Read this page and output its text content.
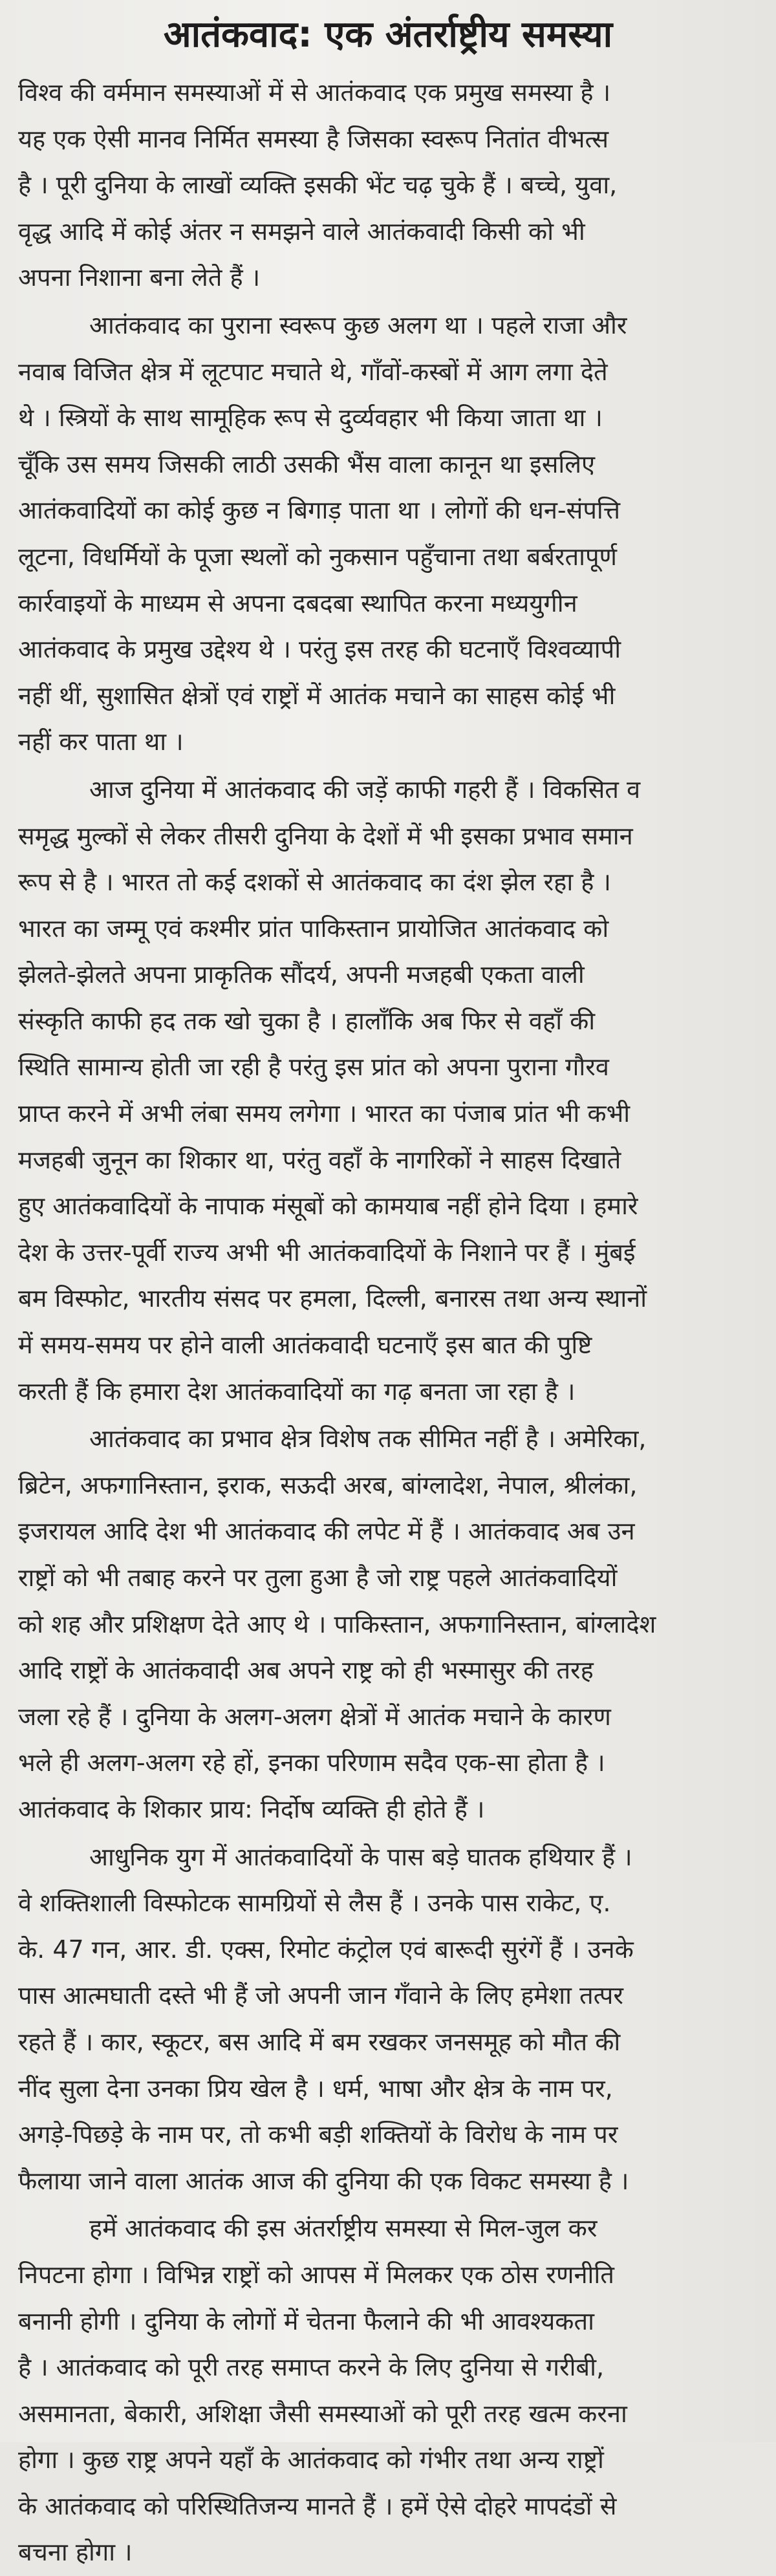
आतंकवाद: एक अंतर्राष्ट्रीय समस्या
विश्व की वर्ममान समस्याओं में से आतंकवाद एक प्रमुख समस्या है ।
यह एक ऐसी मानव निर्मित समस्या है जिसका स्वरूप नितांत वीभत्स
है । पूरी दुनिया के लाखों व्यक्ति इसकी भेंट चढ़ चुके हैं । बच्चे, युवा,
वृद्ध आदि में कोई अंतर न समझने वाले आतंकवादी किसी को भी
अपना निशाना बना लेते हैं ।
आतंकवाद का पुराना स्वरूप कुछ अलग था । पहले राजा और
नवाब विजित क्षेत्र में लूटपाट मचाते थे, गाँवों-कस्बों में आग लगा देते
थे । स्त्रियों के साथ सामूहिक रूप से दुर्व्यवहार भी किया जाता था ।
चूँकि उस समय जिसकी लाठी उसकी भैंस वाला कानून था इसलिए
आतंकवादियों का कोई कुछ न बिगाड़ पाता था । लोगों की धन-संपत्ति
लूटना, विधर्मियों के पूजा स्थलों को नुकसान पहुँचाना तथा बर्बरतापूर्ण
कार्रवाइयों के माध्यम से अपना दबदबा स्थापित करना मध्ययुगीन
आतंकवाद के प्रमुख उद्देश्य थे । परंतु इस तरह की घटनाएँ विश्वव्यापी
नहीं थीं, सुशासित क्षेत्रों एवं राष्ट्रों में आतंक मचाने का साहस कोई भी
नहीं कर पाता था ।
आज दुनिया में आतंकवाद की जड़ें काफी गहरी हैं । विकसित व
समृद्ध मुल्कों से लेकर तीसरी दुनिया के देशों में भी इसका प्रभाव समान
रूप से है । भारत तो कई दशकों से आतंकवाद का दंश झेल रहा है ।
भारत का जम्मू एवं कश्मीर प्रांत पाकिस्तान प्रायोजित आतंकवाद को
झेलते-झेलते अपना प्राकृतिक सौंदर्य, अपनी मजहबी एकता वाली
संस्कृति काफी हद तक खो चुका है । हालाँकि अब फिर से वहाँ की
स्थिति सामान्य होती जा रही है परंतु इस प्रांत को अपना पुराना गौरव
प्राप्त करने में अभी लंबा समय लगेगा । भारत का पंजाब प्रांत भी कभी
मजहबी जुनून का शिकार था, परंतु वहाँ के नागरिकों ने साहस दिखाते
हुए आतंकवादियों के नापाक मंसूबों को कामयाब नहीं होने दिया । हमारे
देश के उत्तर-पूर्वी राज्य अभी भी आतंकवादियों के निशाने पर हैं । मुंबई
बम विस्फोट, भारतीय संसद पर हमला, दिल्ली, बनारस तथा अन्य स्थानों
में समय-समय पर होने वाली आतंकवादी घटनाएँ इस बात की पुष्टि
करती हैं कि हमारा देश आतंकवादियों का गढ़ बनता जा रहा है ।
आतंकवाद का प्रभाव क्षेत्र विशेष तक सीमित नहीं है । अमेरिका,
ब्रिटेन, अफगानिस्तान, इराक, सऊदी अरब, बांग्लादेश, नेपाल, श्रीलंका,
इजरायल आदि देश भी आतंकवाद की लपेट में हैं । आतंकवाद अब उन
राष्ट्रों को भी तबाह करने पर तुला हुआ है जो राष्ट्र पहले आतंकवादियों
को शह और प्रशिक्षण देते आए थे । पाकिस्तान, अफगानिस्तान, बांग्लादेश
आदि राष्ट्रों के आतंकवादी अब अपने राष्ट्र को ही भस्मासुर की तरह
जला रहे हैं । दुनिया के अलग-अलग क्षेत्रों में आतंक मचाने के कारण
भले ही अलग-अलग रहे हों, इनका परिणाम सदैव एक-सा होता है ।
आतंकवाद के शिकार प्राय: निर्दोष व्यक्ति ही होते हैं ।
आधुनिक युग में आतंकवादियों के पास बड़े घातक हथियार हैं ।
वे शक्तिशाली विस्फोटक सामग्रियों से लैस हैं । उनके पास राकेट, ए.
के. 47 गन, आर. डी. एक्स, रिमोट कंट्रोल एवं बारूदी सुरंगें हैं । उनके
पास आत्मघाती दस्ते भी हैं जो अपनी जान गँवाने के लिए हमेशा तत्पर
रहते हैं । कार, स्कूटर, बस आदि में बम रखकर जनसमूह को मौत की
नींद सुला देना उनका प्रिय खेल है । धर्म, भाषा और क्षेत्र के नाम पर,
अगड़े-पिछड़े के नाम पर, तो कभी बड़ी शक्तियों के विरोध के नाम पर
फैलाया जाने वाला आतंक आज की दुनिया की एक विकट समस्या है ।
हमें आतंकवाद की इस अंतर्राष्ट्रीय समस्या से मिल-जुल कर
निपटना होगा । विभिन्न राष्ट्रों को आपस में मिलकर एक ठोस रणनीति
बनानी होगी । दुनिया के लोगों में चेतना फैलाने की भी आवश्यकता
है । आतंकवाद को पूरी तरह समाप्त करने के लिए दुनिया से गरीबी,
असमानता, बेकारी, अशिक्षा जैसी समस्याओं को पूरी तरह खत्म करना
होगा । कुछ राष्ट्र अपने यहाँ के आतंकवाद को गंभीर तथा अन्य राष्ट्रों
के आतंकवाद को परिस्थितिजन्य मानते हैं । हमें ऐसे दोहरे मापदंडों से
बचना होगा ।
